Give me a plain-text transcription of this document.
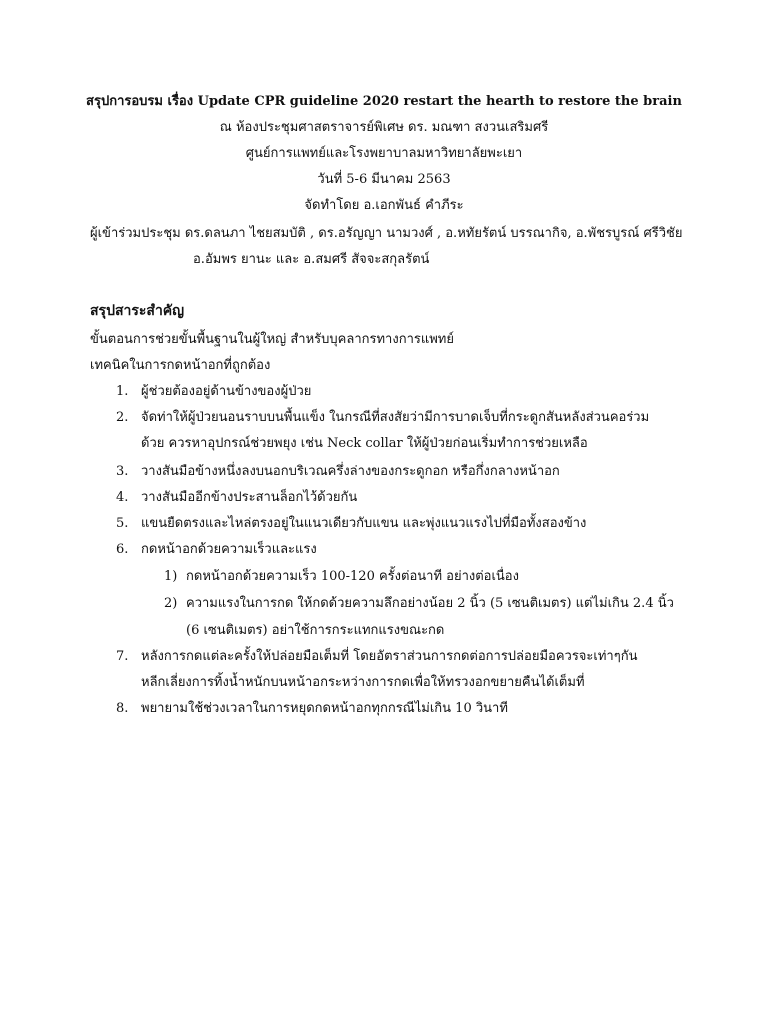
สรุปการอบรม เรื่อง Update CPR guideline 2020 restart the hearth to restore the brain
ณ ห้องประชุมศาสตราจารย์พิเศษ ดร. มณฑา สงวนเสริมศรี
ศูนย์การแพทย์และโรงพยาบาลมหาวิทยาลัยพะเยา
วันที่ 5-6 มีนาคม 2563
จัดทำโดย อ.เอกพันธ์ คำภีระ
ผู้เข้าร่วมประชุม ดร.ดลนภา ไชยสมบัติ , ดร.อรัญญา นามวงศ์ , อ.หทัยรัตน์ บรรณากิจ, อ.พัชรบูรณ์ ศรีวิชัย
อ.อัมพร ยานะ และ อ.สมศรี สัจจะสกุลรัตน์
สรุปสาระสำคัญ
ขั้นตอนการช่วยขั้นพื้นฐานในผู้ใหญ่ สำหรับบุคลากรทางการแพทย์
เทคนิคในการกดหน้าอกที่ถูกต้อง
1. ผู้ช่วยต้องอยู่ด้านข้างของผู้ป่วย
2. จัดท่าให้ผู้ป่วยนอนราบบนพื้นแข็ง ในกรณีที่สงสัยว่ามีการบาดเจ็บที่กระดูกสันหลังส่วนคอร่วม
ด้วย ควรหาอุปกรณ์ช่วยพยุง เช่น Neck collar ให้ผู้ป่วยก่อนเริ่มทำการช่วยเหลือ
3. วางสันมือข้างหนึ่งลงบนอกบริเวณครึ่งล่างของกระดูกอก หรือกึ่งกลางหน้าอก
4. วางสันมืออีกข้างประสานล็อกไว้ด้วยกัน
5. แขนยืดตรงและไหล่ตรงอยู่ในแนวเดียวกับแขน และพุ่งแนวแรงไปที่มือทั้งสองข้าง
6. กดหน้าอกด้วยความเร็วและแรง
1) กดหน้าอกด้วยความเร็ว 100-120 ครั้งต่อนาที อย่างต่อเนื่อง
2) ความแรงในการกด ให้กดด้วยความลึกอย่างน้อย 2 นิ้ว (5 เซนติเมตร) แต่ไม่เกิน 2.4 นิ้ว
(6 เซนติเมตร) อย่าใช้การกระแทกแรงขณะกด
7. หลังการกดแต่ละครั้งให้ปล่อยมือเต็มที่ โดยอัตราส่วนการกดต่อการปล่อยมือควรจะเท่าๆกัน
หลีกเลี่ยงการทิ้งน้ำหนักบนหน้าอกระหว่างการกดเพื่อให้ทรวงอกขยายคืนได้เต็มที่
8. พยายามใช้ช่วงเวลาในการหยุดกดหน้าอกทุกกรณีไม่เกิน 10 วินาที
